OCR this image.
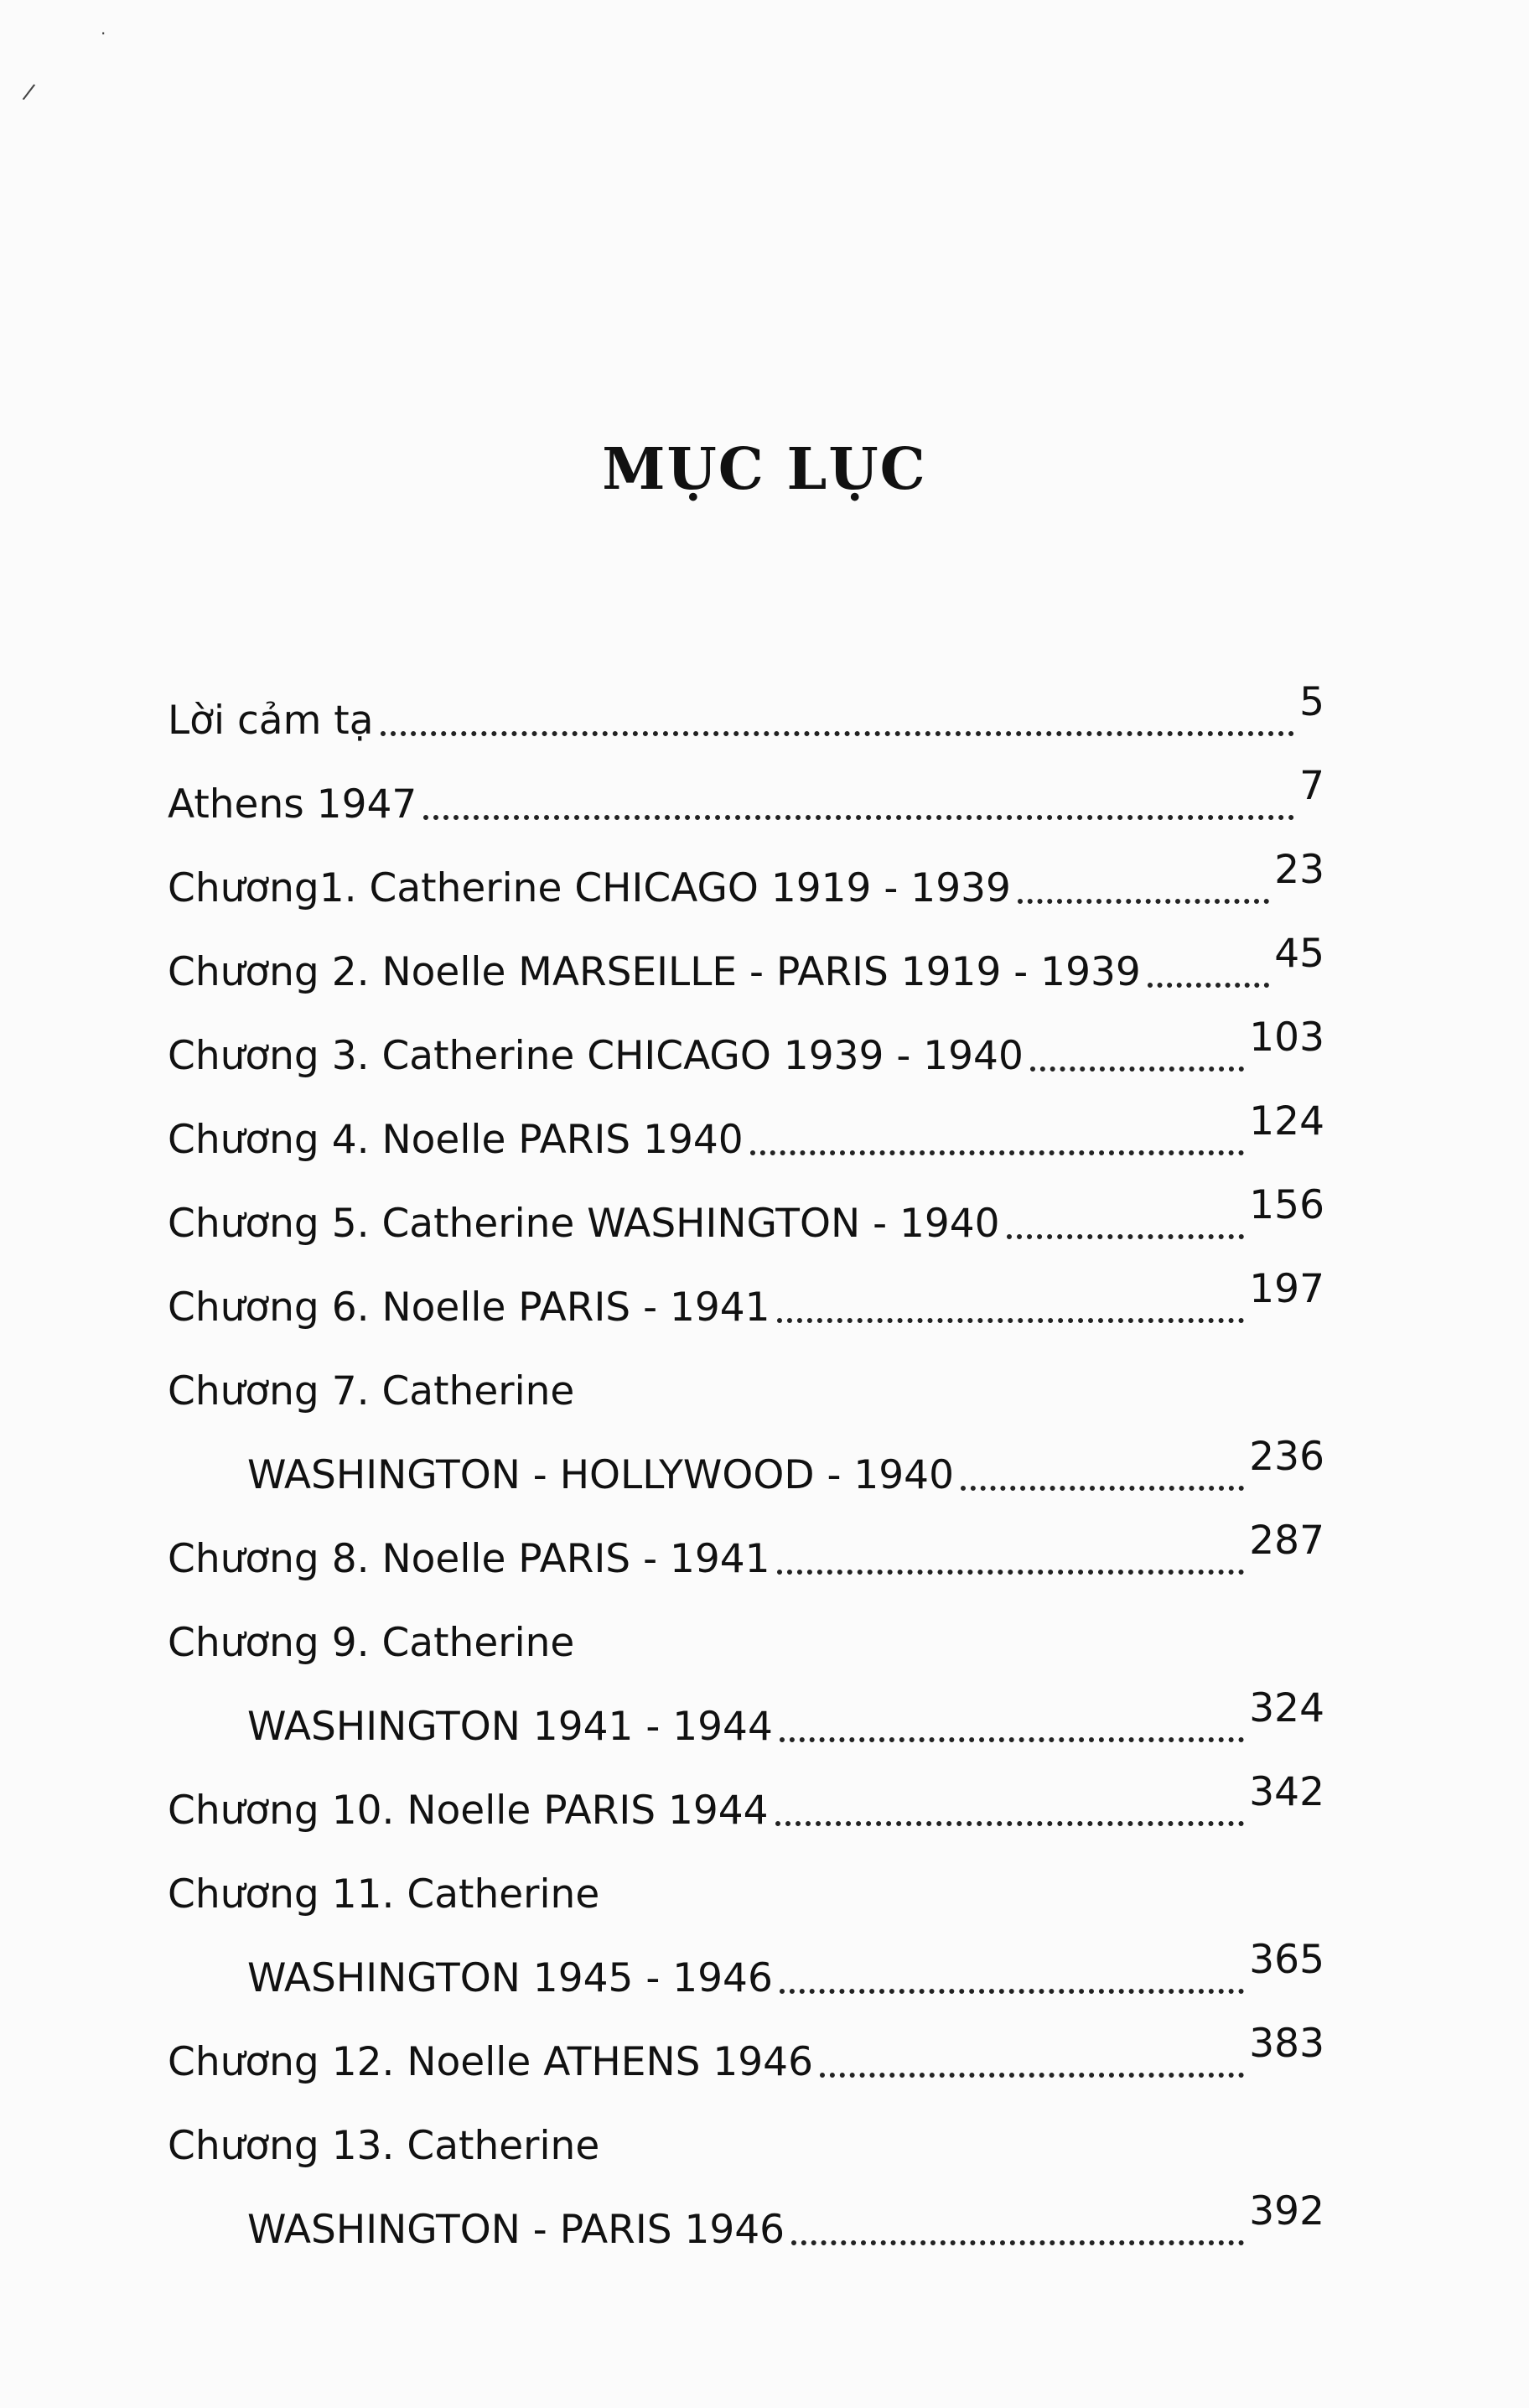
·
/
MỤC LỤC
Lời cảm tạ	5
Athens 1947	7
Chương1. Catherine CHICAGO 1919 - 1939	23
Chương 2. Noelle MARSEILLE - PARIS 1919 - 1939	45
Chương 3. Catherine CHICAGO 1939 - 1940	103
Chương 4. Noelle PARIS 1940	124
Chương 5. Catherine WASHINGTON - 1940	156
Chương 6. Noelle PARIS - 1941	197
Chương 7. Catherine
WASHINGTON - HOLLYWOOD - 1940	236
Chương 8. Noelle PARIS - 1941	287
Chương 9. Catherine
WASHINGTON 1941 - 1944	324
Chương 10. Noelle PARIS 1944	342
Chương 11. Catherine
WASHINGTON 1945 - 1946	365
Chương 12. Noelle ATHENS 1946	383
Chương 13. Catherine
WASHINGTON - PARIS 1946	392
